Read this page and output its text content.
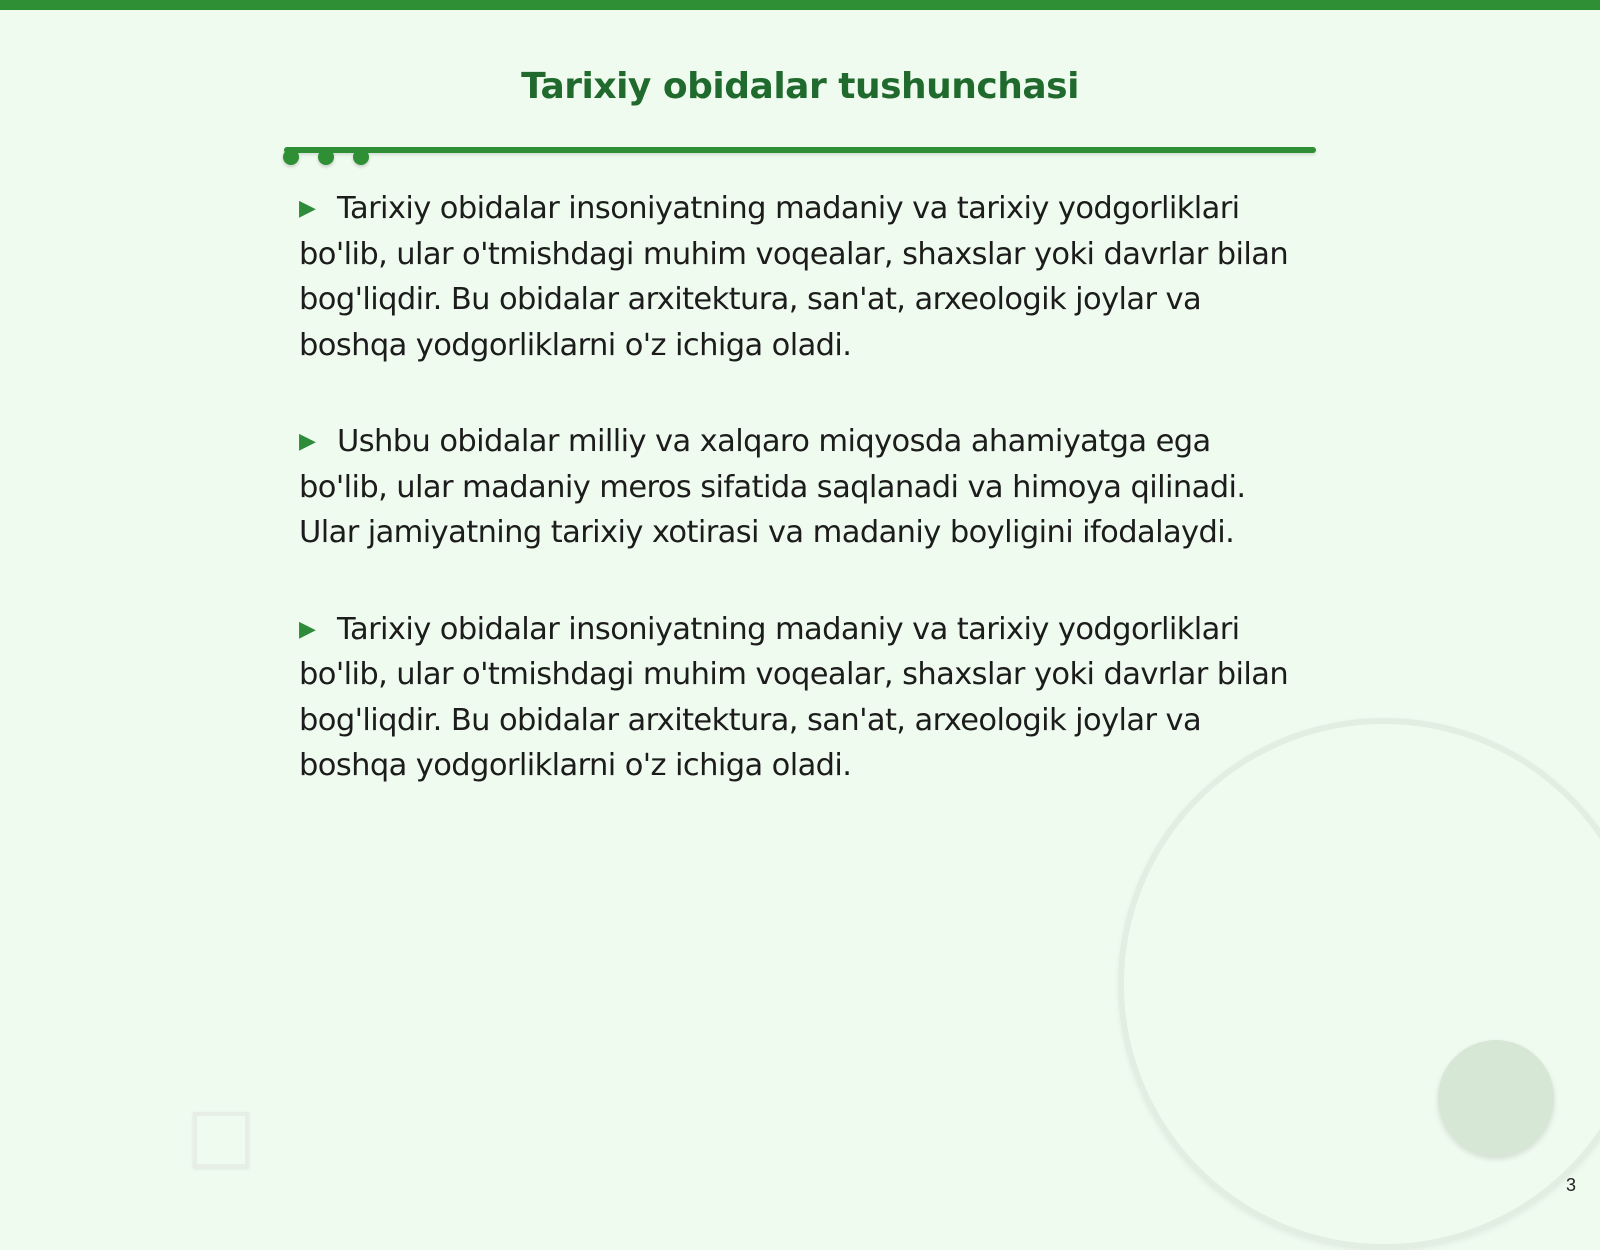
Tarixiy obidalar tushunchasi

▶ Tarixiy obidalar insoniyatning madaniy va tarixiy yodgorliklari bo'lib, ular o'tmishdagi muhim voqealar, shaxslar yoki davrlar bilan bog'liqdir. Bu obidalar arxitektura, san'at, arxeologik joylar va boshqa yodgorliklarni o'z ichiga oladi.

▶ Ushbu obidalar milliy va xalqaro miqyosda ahamiyatga ega bo'lib, ular madaniy meros sifatida saqlanadi va himoya qilinadi. Ular jamiyatning tarixiy xotirasi va madaniy boyligini ifodalaydi.

▶ Tarixiy obidalar insoniyatning madaniy va tarixiy yodgorliklari bo'lib, ular o'tmishdagi muhim voqealar, shaxslar yoki davrlar bilan bog'liqdir. Bu obidalar arxitektura, san'at, arxeologik joylar va boshqa yodgorliklarni o'z ichiga oladi.

3
